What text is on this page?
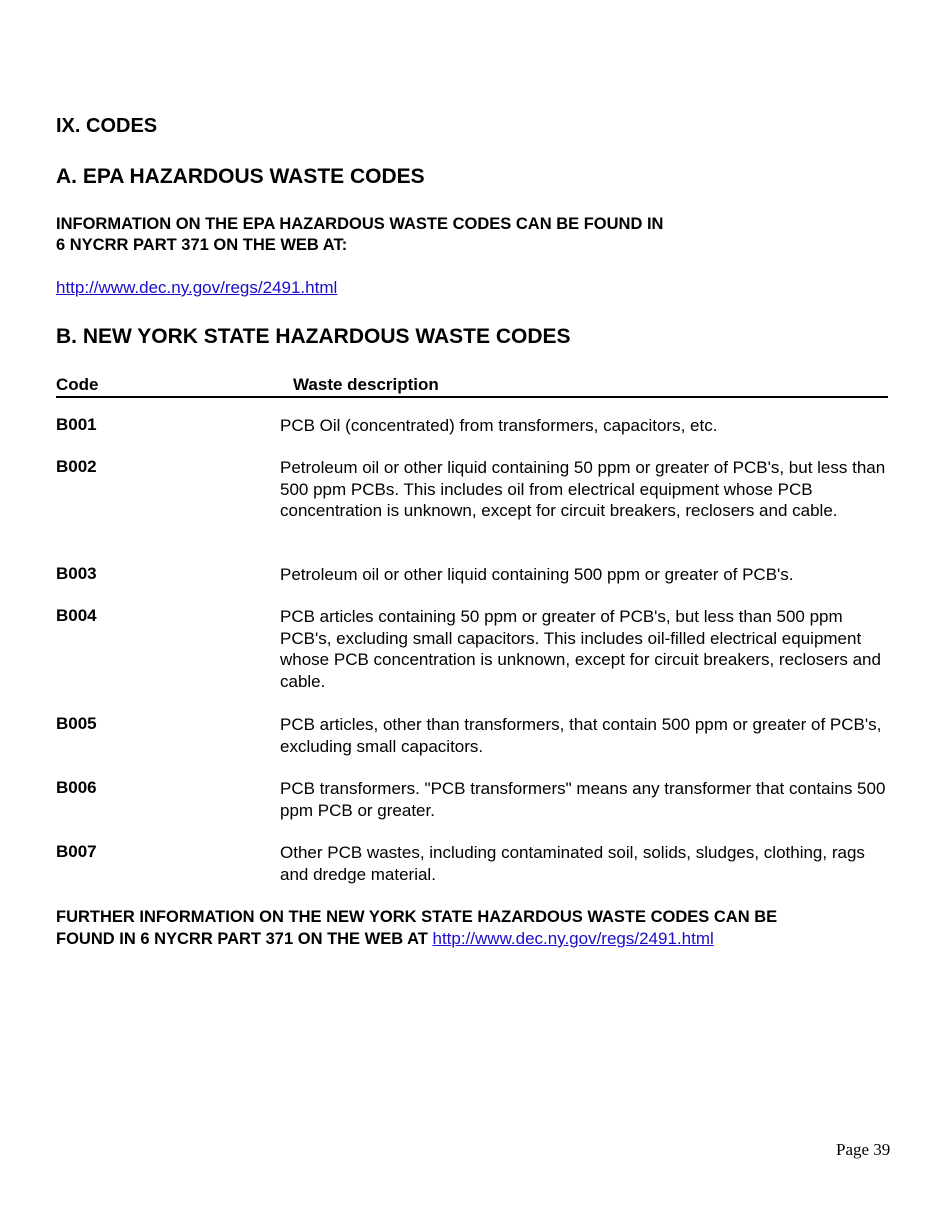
IX. CODES
A. EPA HAZARDOUS WASTE CODES

INFORMATION ON THE EPA HAZARDOUS WASTE CODES CAN BE FOUND IN
6 NYCRR PART 371 ON THE WEB AT:

http://www.dec.ny.gov/regs/2491.html
B. NEW YORK STATE HAZARDOUS WASTE CODES
Code	Waste description
B001	PCB Oil (concentrated) from transformers, capacitors, etc.
B002	Petroleum oil or other liquid containing 50 ppm or greater of PCB's, but less than 500 ppm PCBs. This includes oil from electrical equipment whose PCB concentration is unknown, except for circuit breakers, reclosers and cable.
B003	Petroleum oil or other liquid containing 500 ppm or greater of PCB's.
B004	PCB articles containing 50 ppm or greater of PCB's, but less than 500 ppm PCB's, excluding small capacitors. This includes oil-filled electrical equipment whose PCB concentration is unknown, except for circuit breakers, reclosers and cable.
B005	PCB articles, other than transformers, that contain 500 ppm or greater of PCB's, excluding small capacitors.
B006	PCB transformers. "PCB transformers" means any transformer that contains 500 ppm PCB or greater.
B007	Other PCB wastes, including contaminated soil, solids, sludges, clothing, rags and dredge material.

FURTHER INFORMATION ON THE NEW YORK STATE HAZARDOUS WASTE CODES CAN BE
FOUND IN 6 NYCRR PART 371 ON THE WEB AT http://www.dec.ny.gov/regs/2491.html

Page 39
